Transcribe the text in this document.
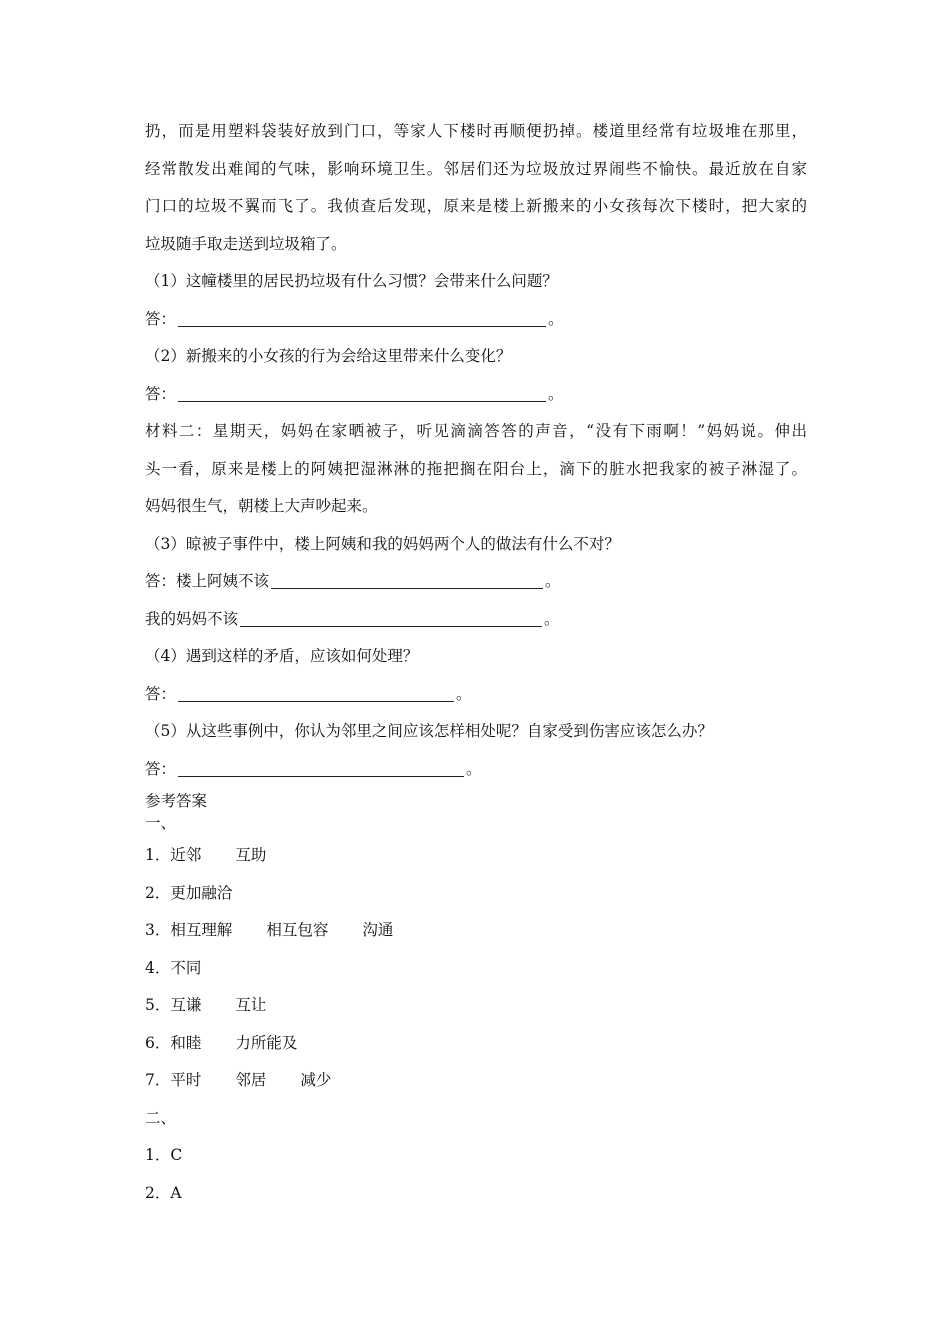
扔，而是用塑料袋装好放到门口，等家人下楼时再顺便扔掉。楼道里经常有垃圾堆在那里，
经常散发出难闻的气味，影响环境卫生。邻居们还为垃圾放过界闹些不愉快。最近放在自家
门口的垃圾不翼而飞了。我侦查后发现，原来是楼上新搬来的小女孩每次下楼时，把大家的
垃圾随手取走送到垃圾箱了。
（1）这幢楼里的居民扔垃圾有什么习惯？会带来什么问题？
答：	。
（2）新搬来的小女孩的行为会给这里带来什么变化？
答：	。
材料二：星期天，妈妈在家晒被子，听见滴滴答答的声音，“没有下雨啊！”妈妈说。伸出
头一看，原来是楼上的阿姨把湿淋淋的拖把搁在阳台上，滴下的脏水把我家的被子淋湿了。
妈妈很生气，朝楼上大声吵起来。
（3）晾被子事件中，楼上阿姨和我的妈妈两个人的做法有什么不对？
答：楼上阿姨不该	。
我的妈妈不该	。
（4）遇到这样的矛盾，应该如何处理？
答：	。
（5）从这些事例中，你认为邻里之间应该怎样相处呢？自家受到伤害应该怎么办？
答：	。
参考答案
一、
1．近邻 互助
2．更加融洽
3．相互理解 相互包容 沟通
4．不同
5．互谦 互让
6．和睦 力所能及
7．平时 邻居 减少
二、
1．C
2．A
